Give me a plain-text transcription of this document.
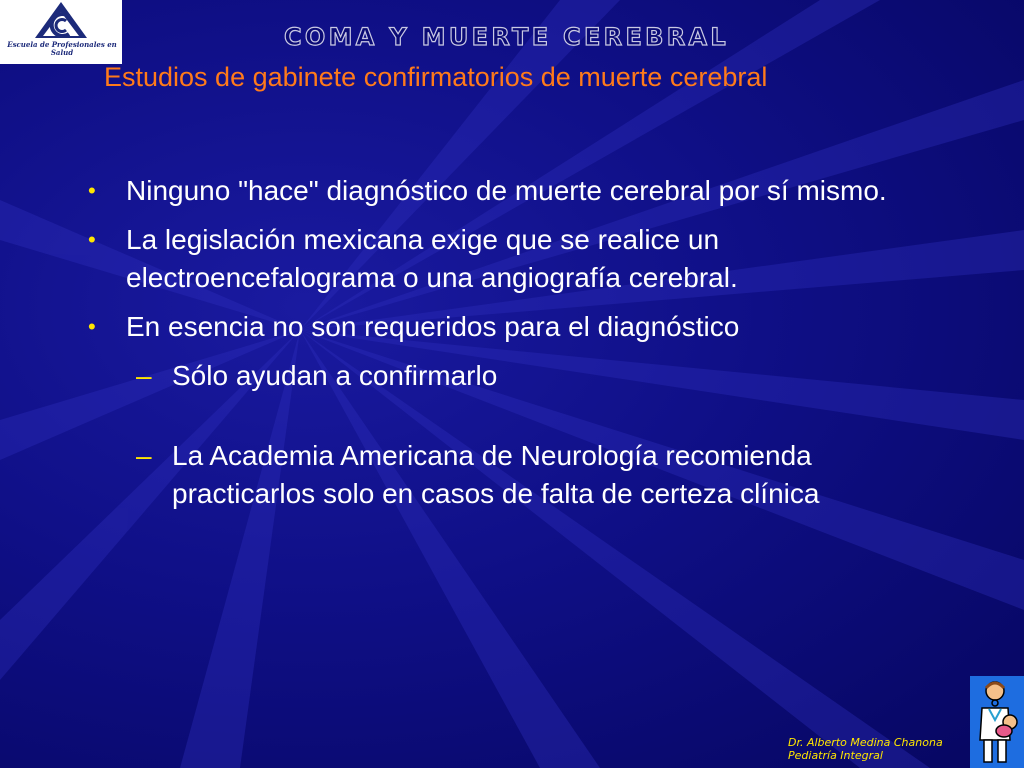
Escuela de Profesionales en Salud
COMA Y MUERTE CEREBRAL
Estudios de gabinete confirmatorios de muerte cerebral
• Ninguno "hace" diagnóstico de muerte cerebral por sí mismo.
• La legislación mexicana exige que se realice un electroencefalograma o una angiografía cerebral.
• En esencia no son requeridos para el diagnóstico
– Sólo ayudan a confirmarlo
– La Academia Americana de Neurología recomienda practicarlos solo en casos de falta de certeza clínica
Dr. Alberto Medina Chanona
Pediatría Integral
